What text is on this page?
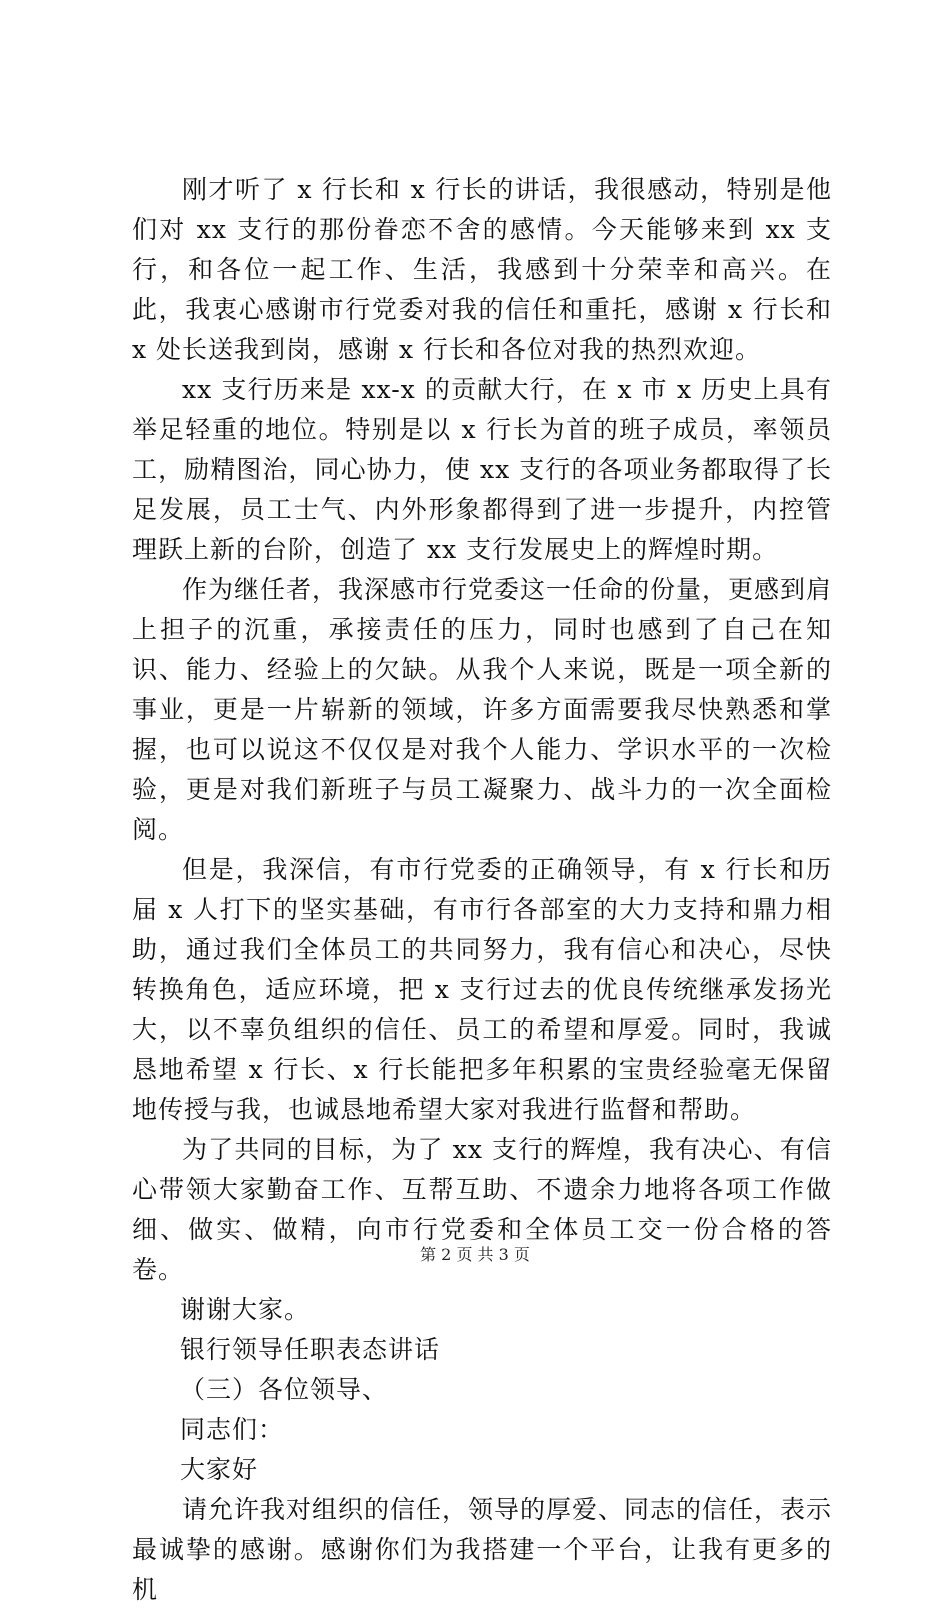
刚才听了 x 行长和 x 行长的讲话，我很感动，特别是他们对 xx 支行的那份眷恋不舍的感情。今天能够来到 xx 支行，和各位一起工作、生活，我感到十分荣幸和高兴。在此，我衷心感谢市行党委对我的信任和重托，感谢 x 行长和 x 处长送我到岗，感谢 x 行长和各位对我的热烈欢迎。

xx 支行历来是 xx-x 的贡献大行，在 x 市 x 历史上具有举足轻重的地位。特别是以 x 行长为首的班子成员，率领员工，励精图治，同心协力，使 xx 支行的各项业务都取得了长足发展，员工士气、内外形象都得到了进一步提升，内控管理跃上新的台阶，创造了 xx 支行发展史上的辉煌时期。

作为继任者，我深感市行党委这一任命的份量，更感到肩上担子的沉重，承接责任的压力，同时也感到了自己在知识、能力、经验上的欠缺。从我个人来说，既是一项全新的事业，更是一片崭新的领域，许多方面需要我尽快熟悉和掌握，也可以说这不仅仅是对我个人能力、学识水平的一次检验，更是对我们新班子与员工凝聚力、战斗力的一次全面检阅。

但是，我深信，有市行党委的正确领导，有 x 行长和历届 x 人打下的坚实基础，有市行各部室的大力支持和鼎力相助，通过我们全体员工的共同努力，我有信心和决心，尽快转换角色，适应环境，把 x 支行过去的优良传统继承发扬光大，以不辜负组织的信任、员工的希望和厚爱。同时，我诚恳地希望 x 行长、x 行长能把多年积累的宝贵经验毫无保留地传授与我，也诚恳地希望大家对我进行监督和帮助。

为了共同的目标，为了 xx 支行的辉煌，我有决心、有信心带领大家勤奋工作、互帮互助、不遗余力地将各项工作做细、做实、做精，向市行党委和全体员工交一份合格的答卷。

谢谢大家。

银行领导任职表态讲话

（三）各位领导、

同志们：

大家好

请允许我对组织的信任，领导的厚爱、同志的信任，表示最诚挚的感谢。感谢你们为我搭建一个平台，让我有更多的机

第 2 页 共 3 页
